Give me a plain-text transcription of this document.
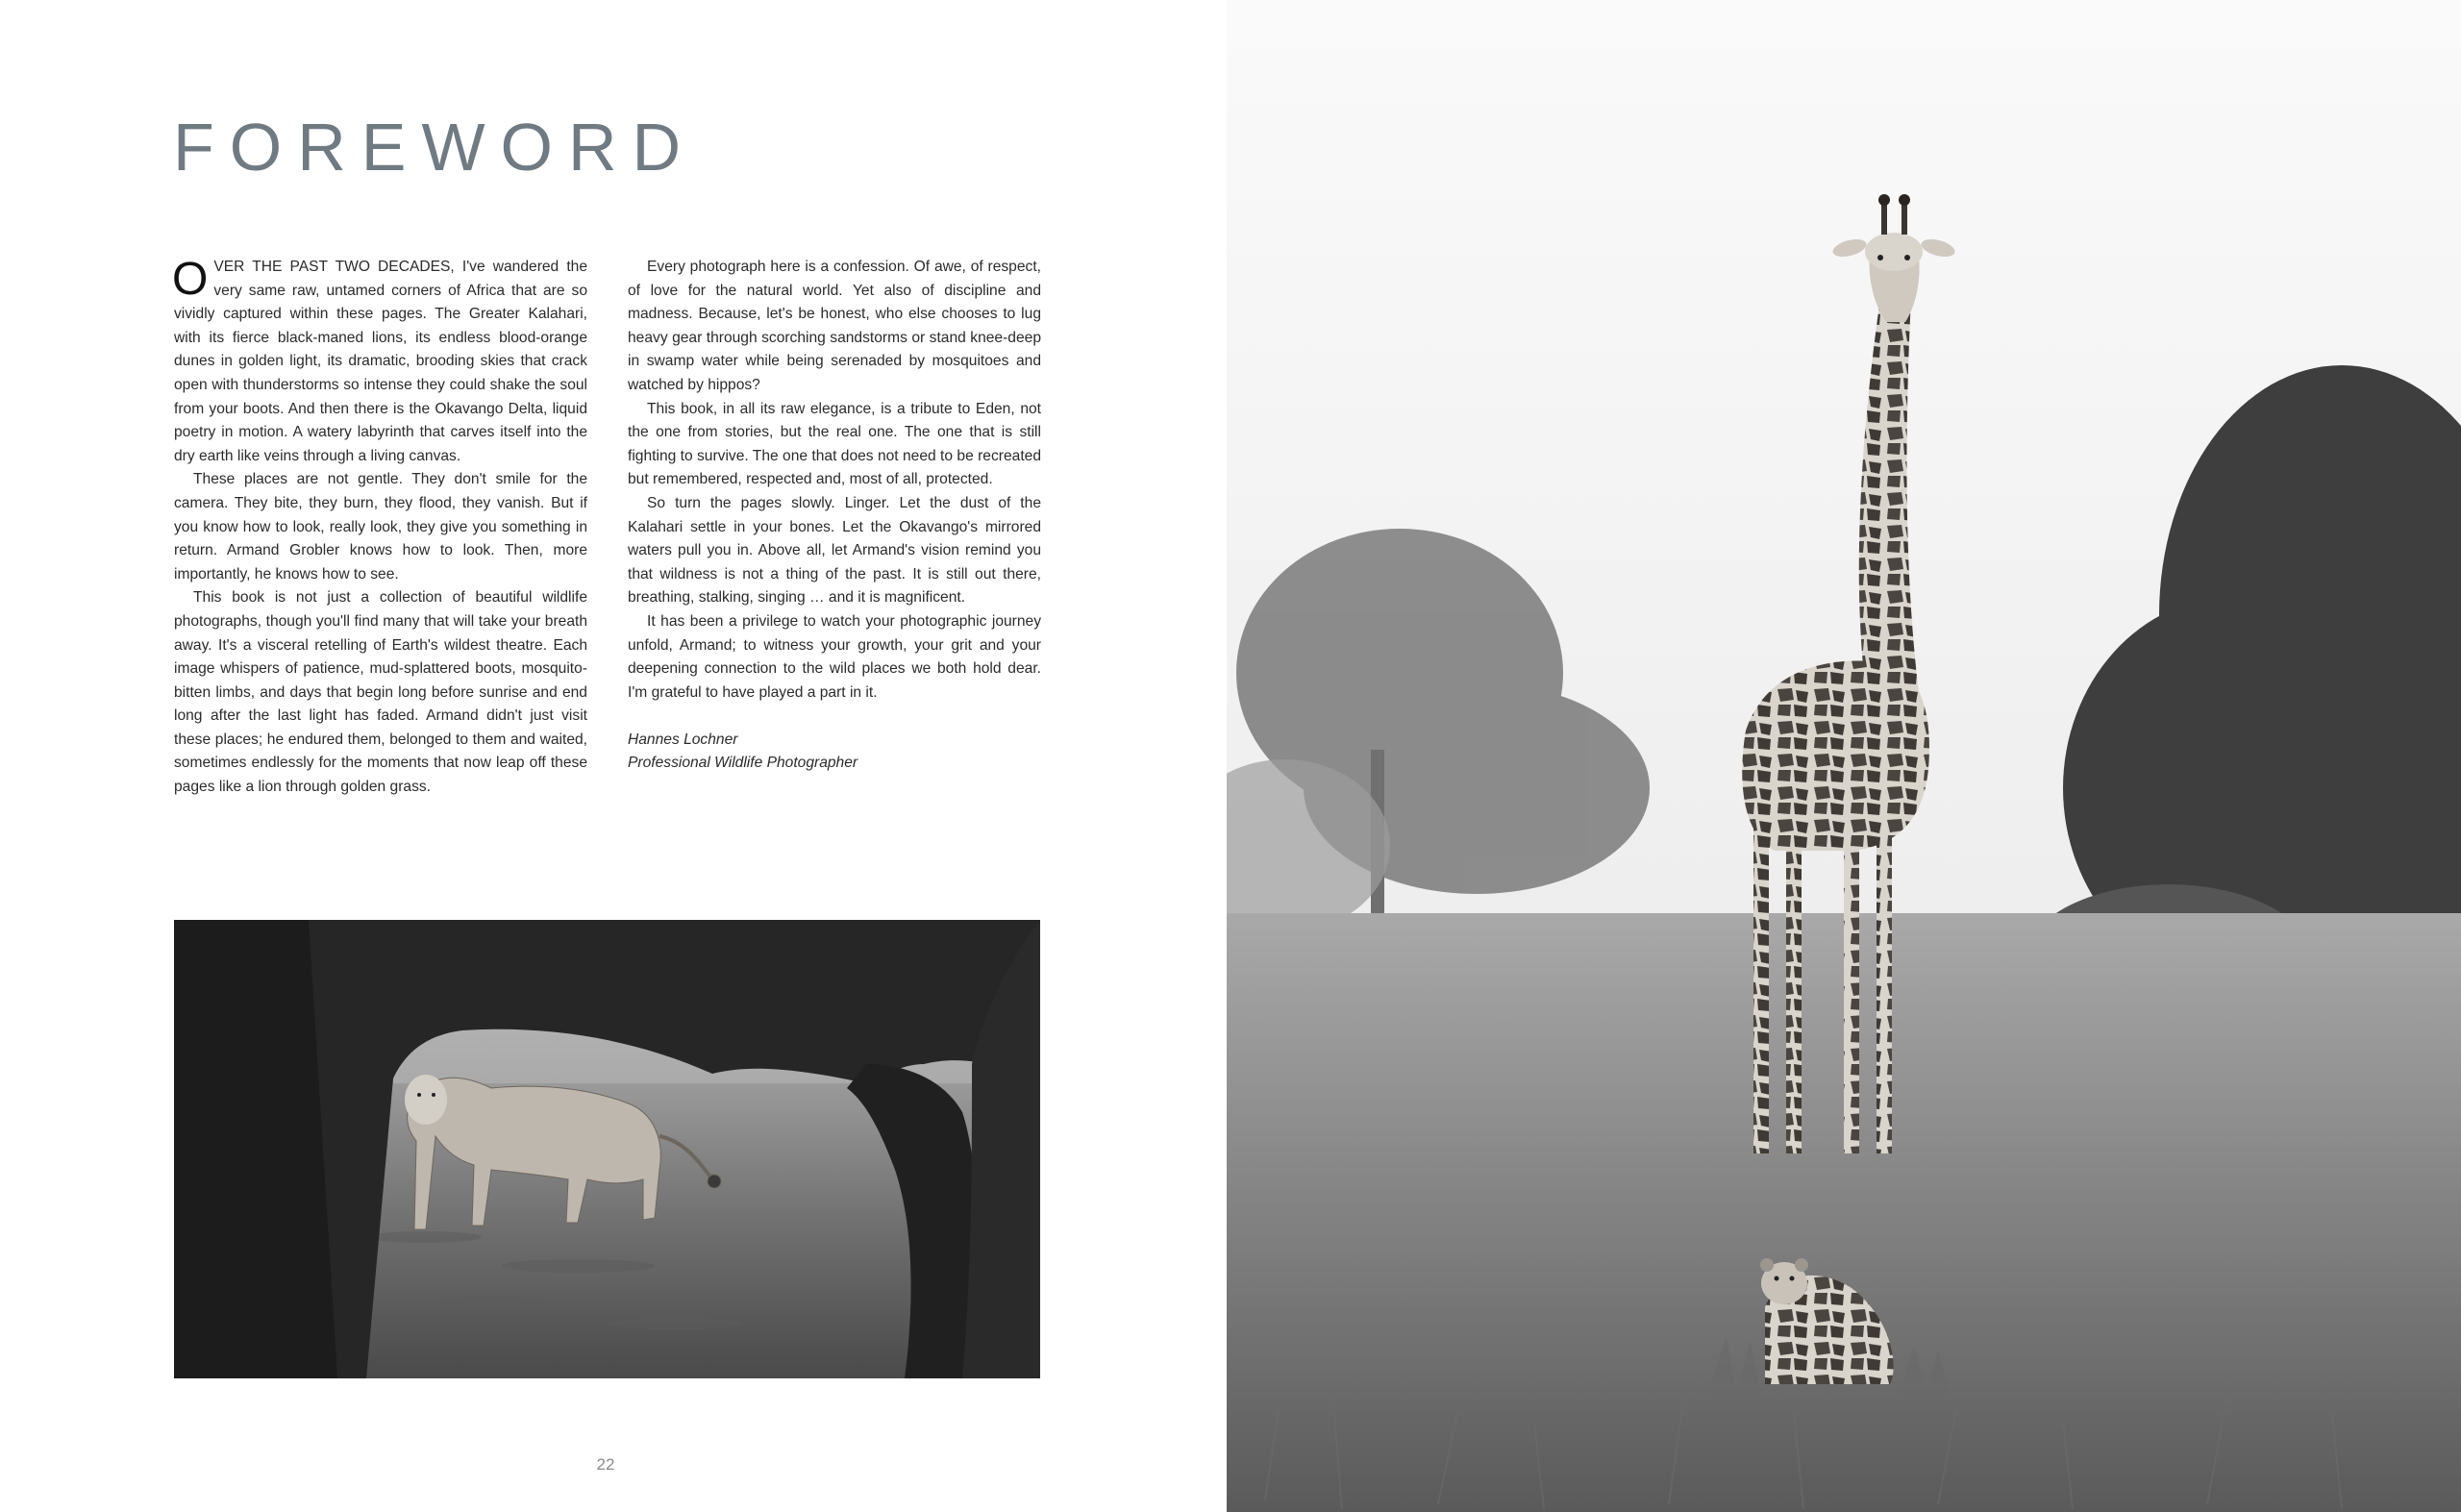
FOREWORD

OVER THE PAST TWO DECADES, I've wandered the very same raw, untamed corners of Africa that are so vividly captured within these pages. The Greater Kalahari, with its fierce black-maned lions, its endless blood-orange dunes in golden light, its dramatic, brooding skies that crack open with thunderstorms so intense they could shake the soul from your boots. And then there is the Okavango Delta, liquid poetry in motion. A watery labyrinth that carves itself into the dry earth like veins through a living canvas.

These places are not gentle. They don't smile for the camera. They bite, they burn, they flood, they vanish. But if you know how to look, really look, they give you something in return. Armand Grobler knows how to look. Then, more importantly, he knows how to see.

This book is not just a collection of beautiful wildlife photographs, though you'll find many that will take your breath away. It's a visceral retelling of Earth's wildest theatre. Each image whispers of patience, mud-splattered boots, mosquito-bitten limbs, and days that begin long before sunrise and end long after the last light has faded. Armand didn't just visit these places; he endured them, belonged to them and waited, sometimes endlessly for the moments that now leap off these pages like a lion through golden grass.

Every photograph here is a confession. Of awe, of respect, of love for the natural world. Yet also of discipline and madness. Because, let's be honest, who else chooses to lug heavy gear through scorching sandstorms or stand knee-deep in swamp water while being serenaded by mosquitoes and watched by hippos?

This book, in all its raw elegance, is a tribute to Eden, not the one from stories, but the real one. The one that is still fighting to survive. The one that does not need to be recreated but remembered, respected and, most of all, protected.

So turn the pages slowly. Linger. Let the dust of the Kalahari settle in your bones. Let the Okavango's mirrored waters pull you in. Above all, let Armand's vision remind you that wildness is not a thing of the past. It is still out there, breathing, stalking, singing … and it is magnificent.

It has been a privilege to watch your photographic journey unfold, Armand; to witness your growth, your grit and your deepening connection to the wild places we both hold dear. I'm grateful to have played a part in it.

Hannes Lochner
Professional Wildlife Photographer
22
